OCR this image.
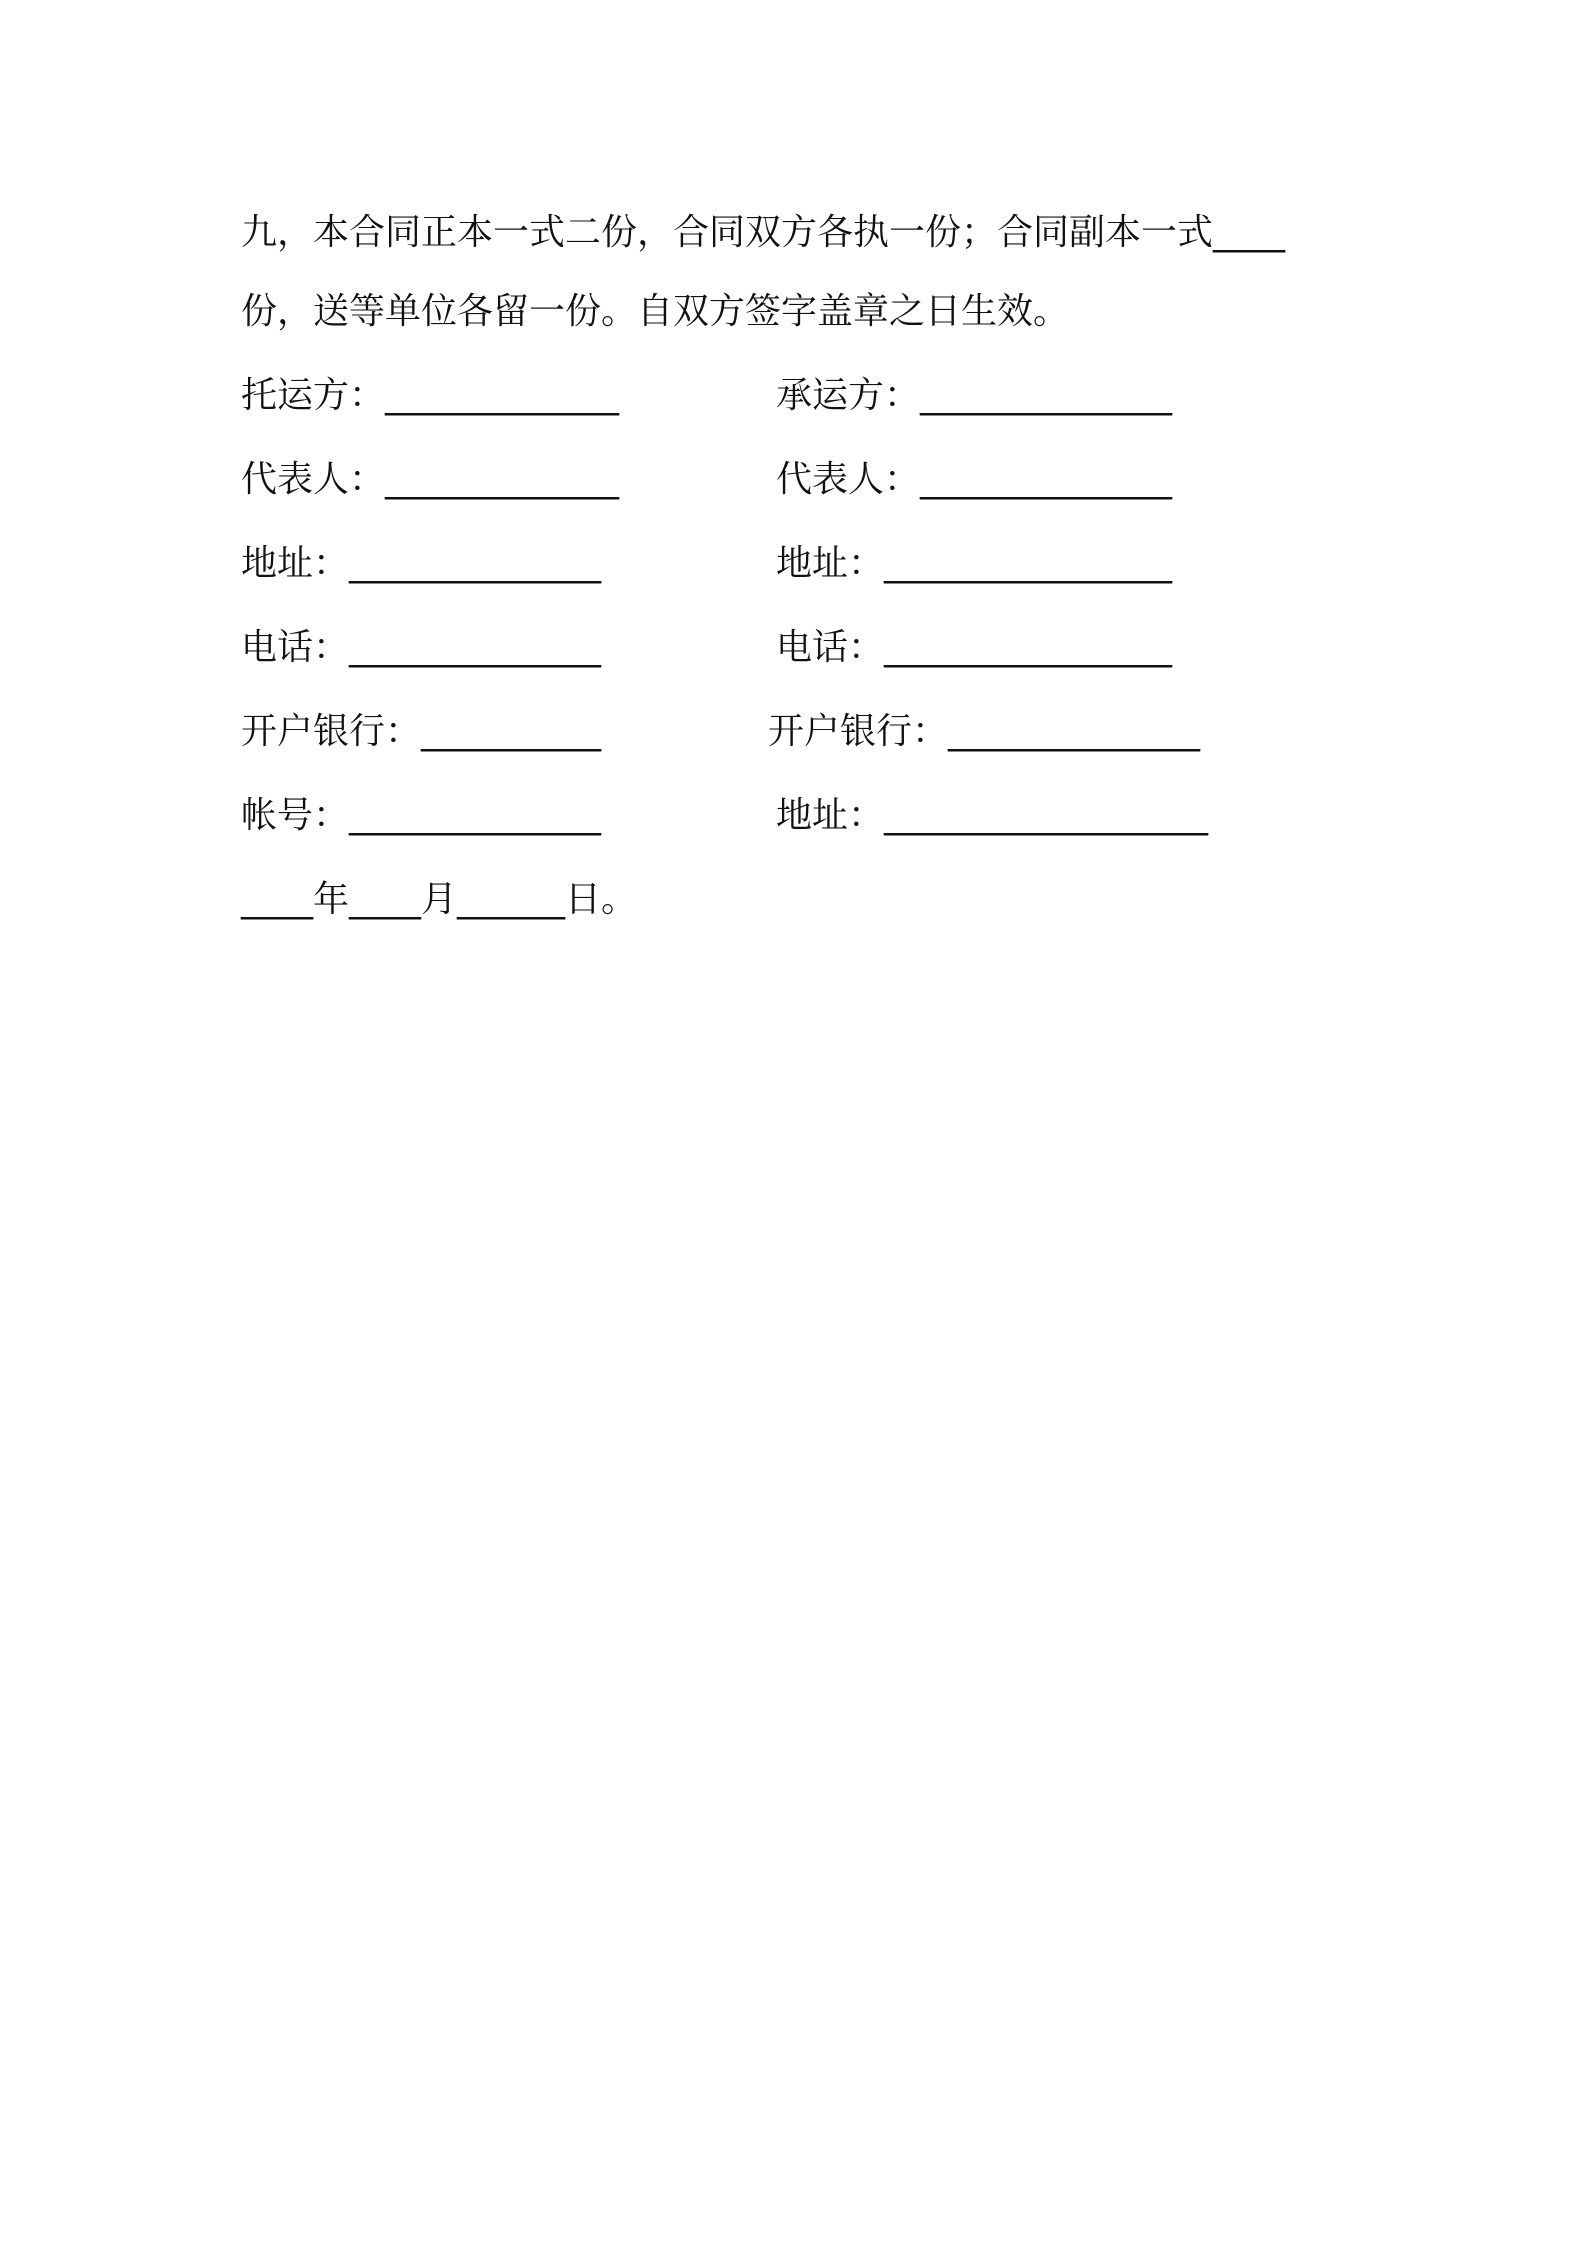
九，本合同正本一式二份，合同双方各执一份；合同副本一式____
份，送等单位各留一份。自双方签字盖章之日生效。
托运方：_____________	承运方：______________
代表人：_____________	代表人：______________
地址：______________	地址：________________
电话：______________	电话：________________
开户银行：__________	开户银行：______________
帐号：______________	地址：__________________
____年____月______日。
